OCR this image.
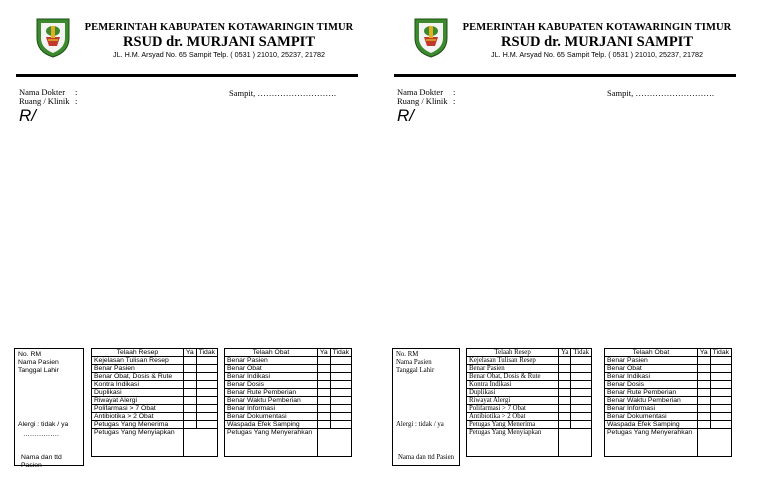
PEMERINTAH KABUPATEN KOTAWARINGIN TIMUR
RSUD dr. MURJANI SAMPIT
JL. H.M. Arsyad No. 65 Sampit Telp. ( 0531 ) 21010, 25237, 21782
Nama Dokter	:
Ruang / Klinik :
Sampit, ……………………….
R/
No. RM
Nama Pasien
Tanggal Lahir
Alergi : tidak / ya
…………….
Nama dan ttd Pasien
Telaah Resep	Ya	Tidak
Kejelasan Tulisan Resep		
Benar Pasien		
Benar Obat, Dosis & Rute		
Kontra Indikasi		
Duplikasi		
Riwayat Alergi		
Polifarmasi > 7 Obat		
Antibiotika > 2 Obat		
Petugas Yang Menerima		
Petugas Yang Menyiapkan		
Telaah Obat	Ya	Tidak
Benar Pasien		
Benar Obat		
Benar Indikasi		
Benar Dosis		
Benar Rute Pemberian		
Benar Waktu Pemberian		
Benar Informasi		
Benar Dokumentasi		
Waspada Efek Samping		
Petugas Yang Menyerahkan		
PEMERINTAH KABUPATEN KOTAWARINGIN TIMUR
RSUD dr. MURJANI SAMPIT
JL. H.M. Arsyad No. 65 Sampit Telp. ( 0531 ) 21010, 25237, 21782
Nama Dokter	:
Ruang / Klinik :
Sampit, ……………………….
R/
No. RM
Nama Pasien
Tanggal Lahir
Alergi : tidak / ya
Nama dan ttd Pasien
Telaah Resep	Ya	Tidak
Kejelasan Tulisan Resep		
Benar Pasien		
Benar Obat, Dosis & Rute		
Kontra Indikasi		
Duplikasi		
Riwayat Alergi		
Polifarmasi > 7 Obat		
Antibiotika > 2 Obat		
Petugas Yang Menerima		
Petugas Yang Menyiapkan		
Telaah Obat	Ya	Tidak
Benar Pasien		
Benar Obat		
Benar Indikasi		
Benar Dosis		
Benar Rute Pemberian		
Benar Waktu Pemberian		
Benar Informasi		
Benar Dokumentasi		
Waspada Efek Samping		
Petugas Yang Menyerahkan		
